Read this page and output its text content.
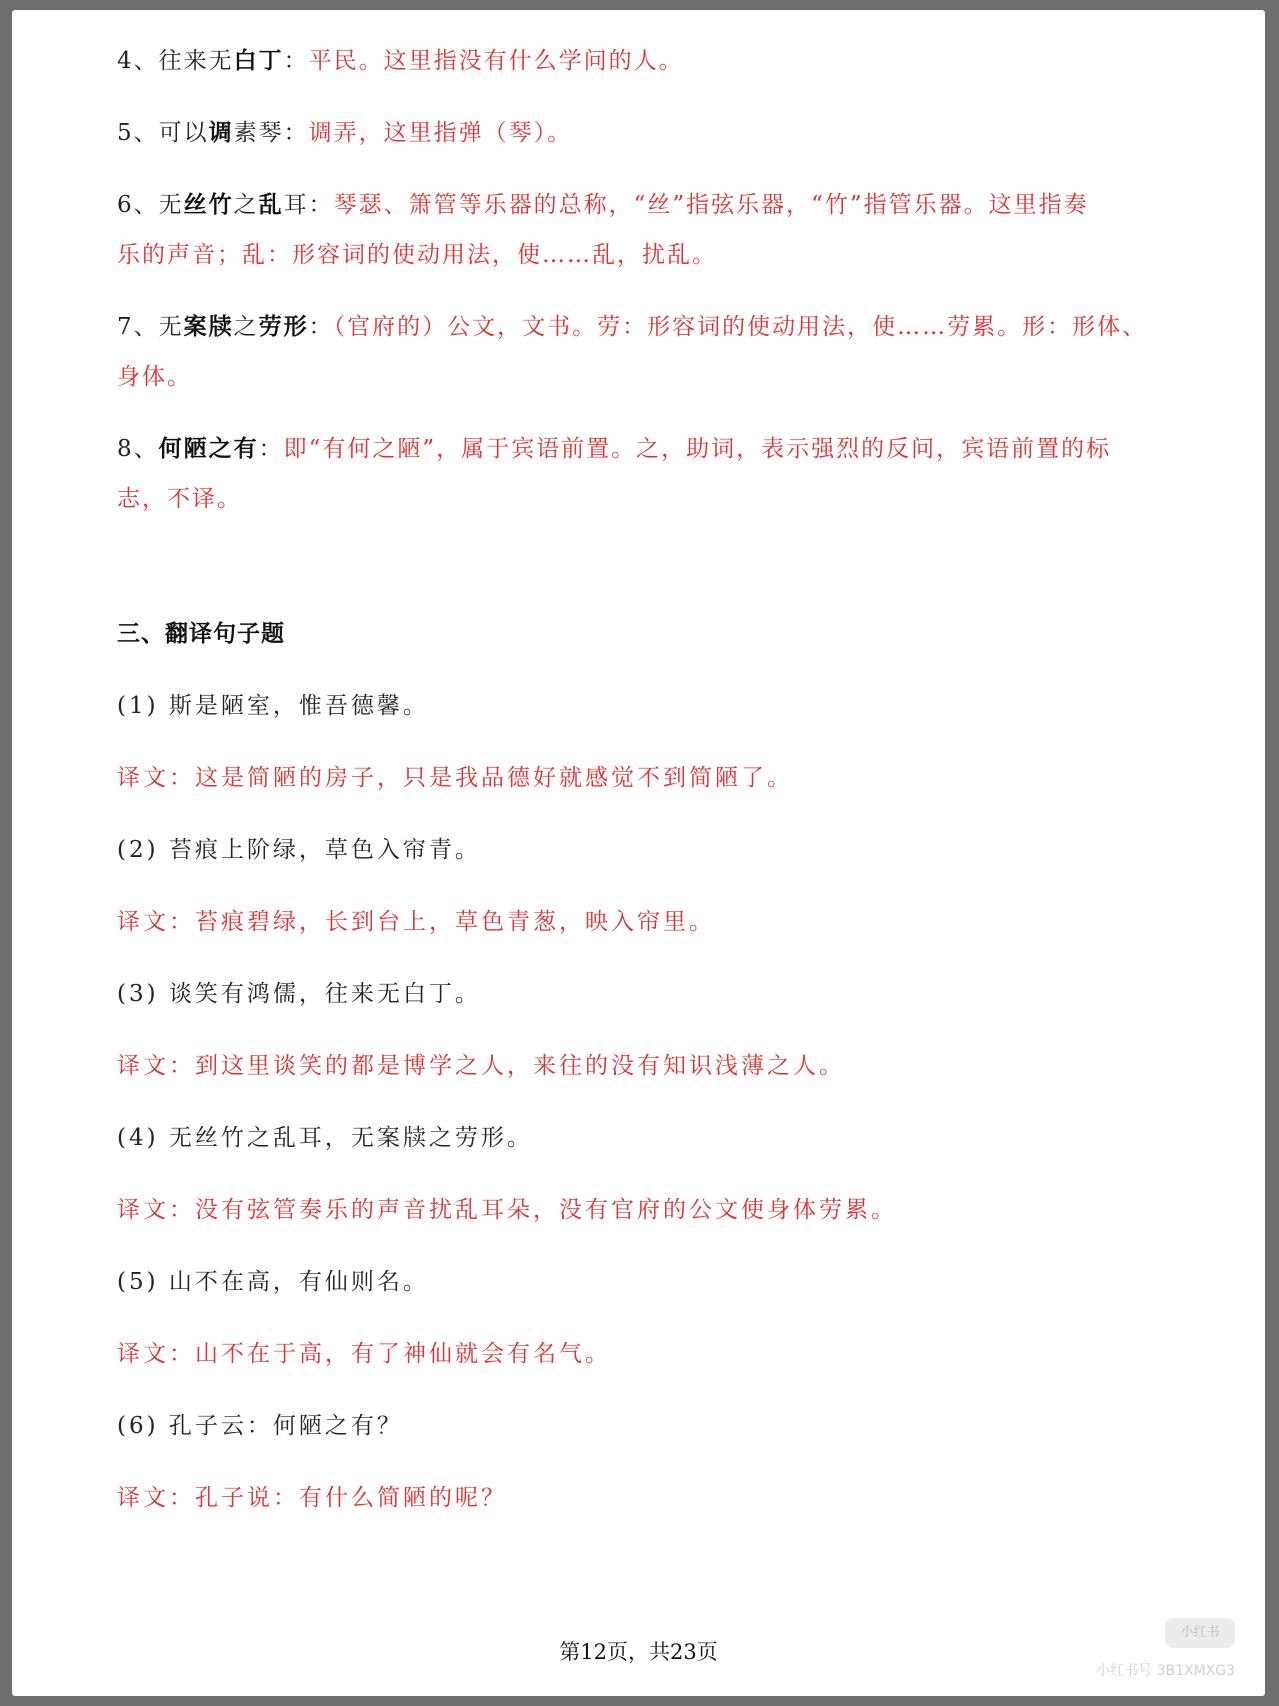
4、往来无白丁：平民。这里指没有什么学问的人。

5、可以调素琴：调弄，这里指弹（琴）。

6、无丝竹之乱耳：琴瑟、箫管等乐器的总称，“丝”指弦乐器，“竹”指管乐器。这里指奏

乐的声音；乱：形容词的使动用法，使……乱，扰乱。

7、无案牍之劳形：（官府的）公文，文书。劳：形容词的使动用法，使……劳累。形：形体、

身体。

8、何陋之有：即“有何之陋”，属于宾语前置。之，助词，表示强烈的反问，宾语前置的标

志，不译。

三、翻译句子题

(1) 斯是陋室，惟吾德馨。

译文：这是简陋的房子，只是我品德好就感觉不到简陋了。

(2) 苔痕上阶绿，草色入帘青。

译文：苔痕碧绿，长到台上，草色青葱，映入帘里。

(3) 谈笑有鸿儒，往来无白丁。

译文：到这里谈笑的都是博学之人，来往的没有知识浅薄之人。

(4) 无丝竹之乱耳，无案牍之劳形。

译文：没有弦管奏乐的声音扰乱耳朵，没有官府的公文使身体劳累。

(5) 山不在高，有仙则名。

译文：山不在于高，有了神仙就会有名气。

(6) 孔子云：何陋之有？

译文：孔子说：有什么简陋的呢？

第12页，共23页
小红书
小红书号 3B1XMXG3
